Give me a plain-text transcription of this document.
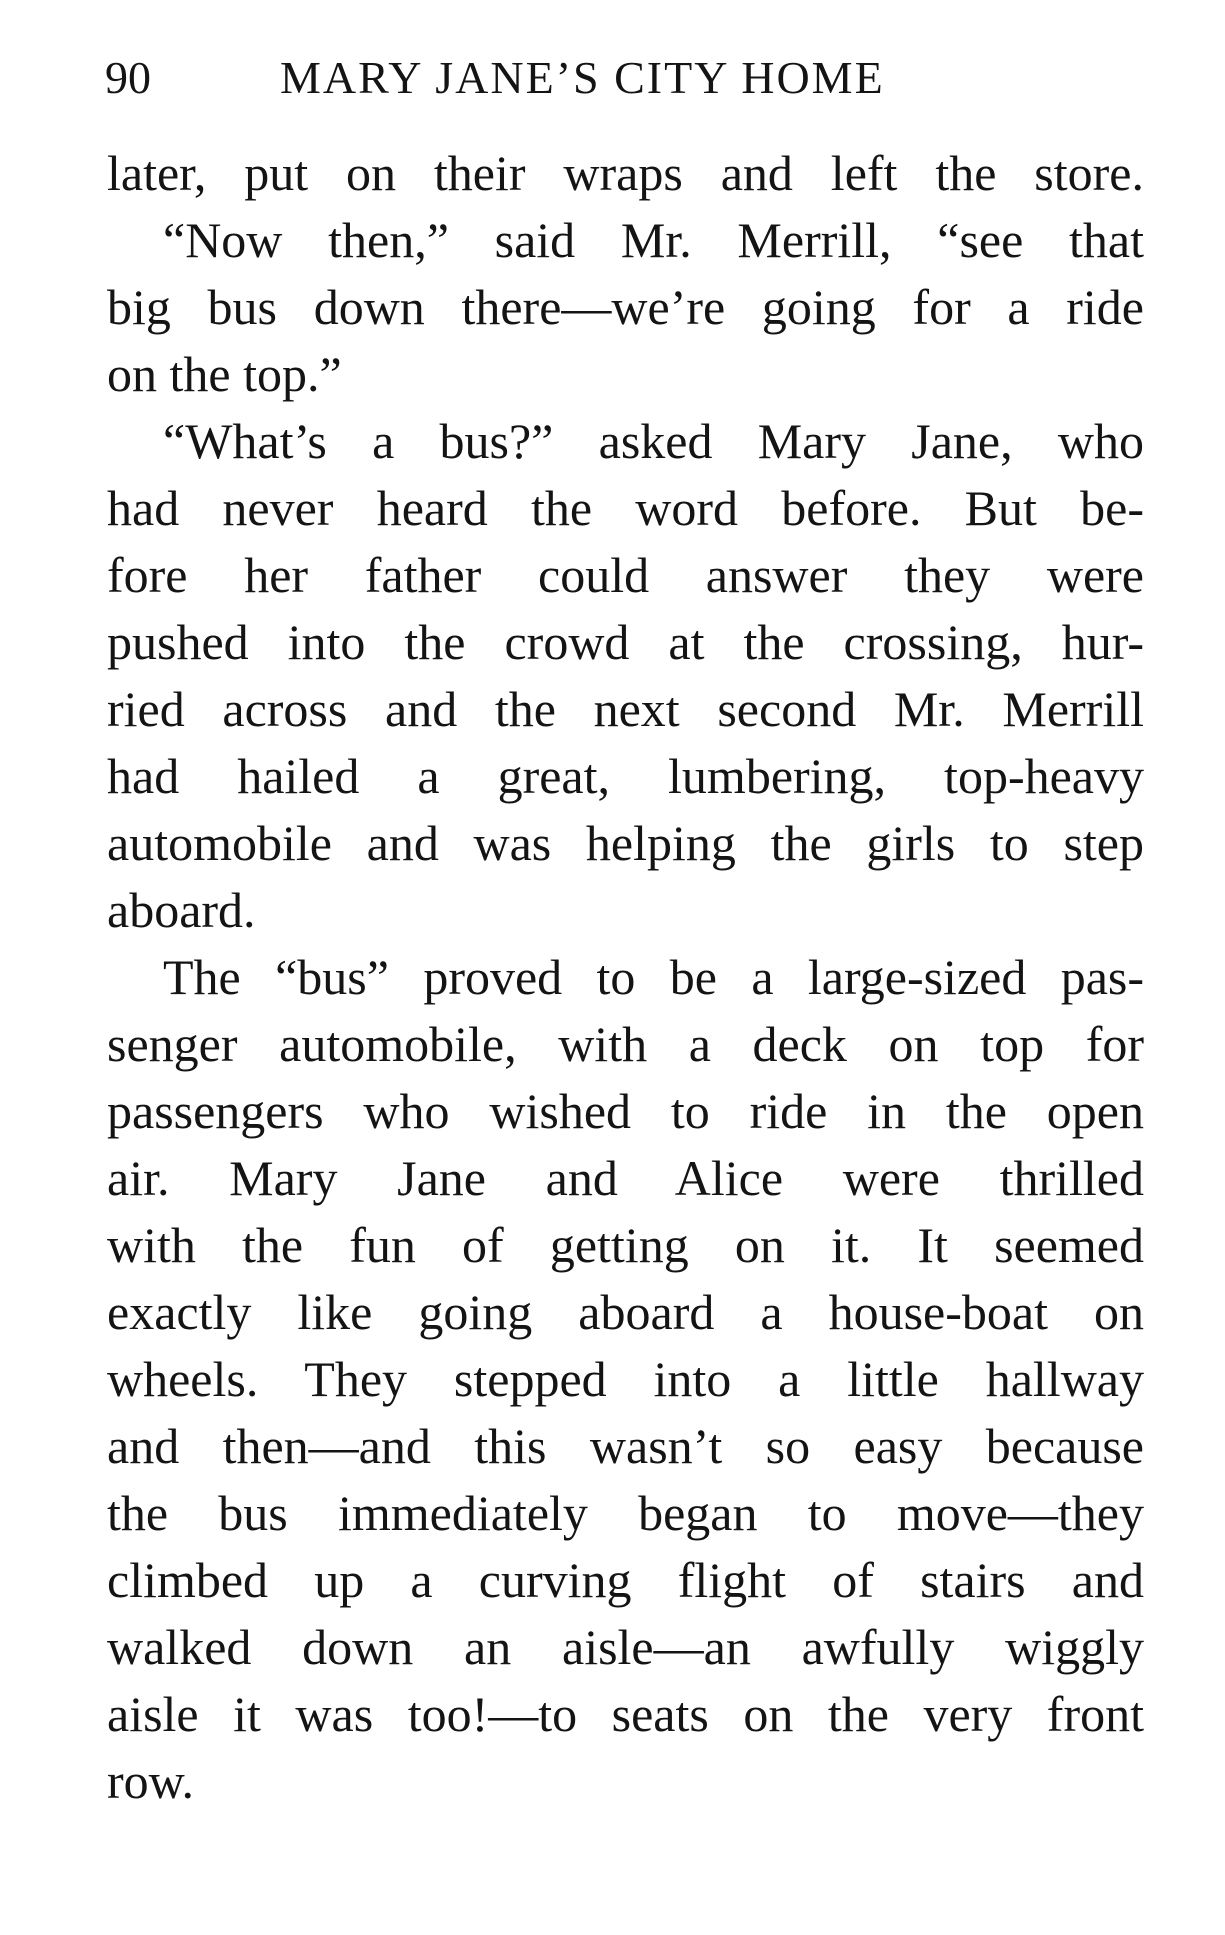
90	MARY JANE’S CITY HOME
later, put on their wraps and left the store.
“Now then,” said Mr. Merrill, “see that
big bus down there—we’re going for a ride
on the top.”
“What’s a bus?” asked Mary Jane, who
had never heard the word before. But be-
fore her father could answer they were
pushed into the crowd at the crossing, hur-
ried across and the next second Mr. Merrill
had hailed a great, lumbering, top-heavy
automobile and was helping the girls to step
aboard.
The “bus” proved to be a large-sized pas-
senger automobile, with a deck on top for
passengers who wished to ride in the open
air. Mary Jane and Alice were thrilled
with the fun of getting on it. It seemed
exactly like going aboard a house-boat on
wheels. They stepped into a little hallway
and then—and this wasn’t so easy because
the bus immediately began to move—they
climbed up a curving flight of stairs and
walked down an aisle—an awfully wiggly
aisle it was too!—to seats on the very front
row.
